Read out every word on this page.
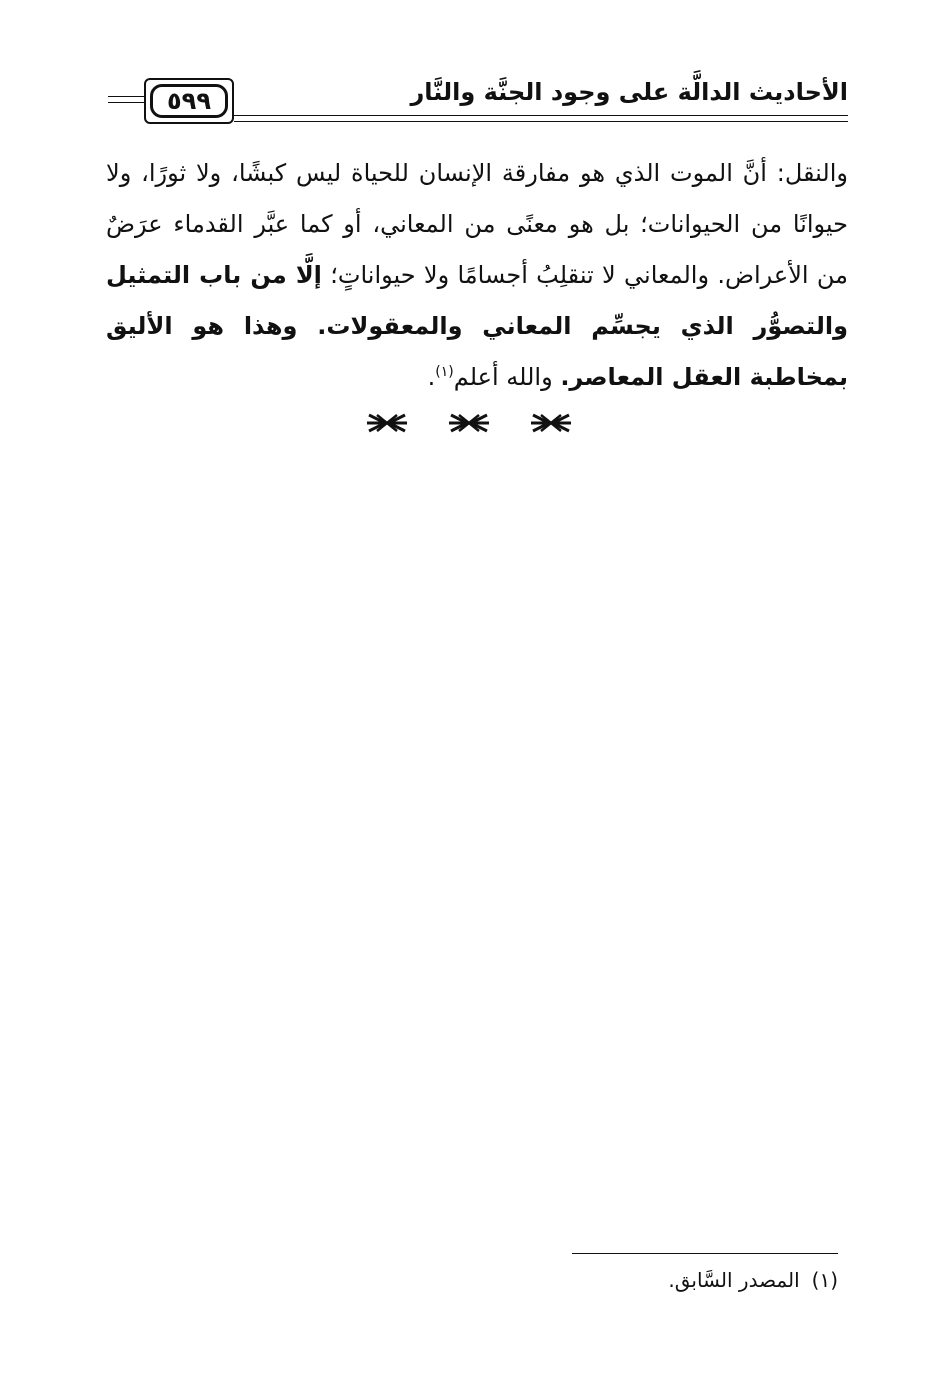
الأحاديث الدالَّة على وجود الجنَّة والنَّار
٥٩٩
والنقل: أنَّ الموت الذي هو مفارقة الإنسان للحياة ليس كبشًا، ولا ثورًا، ولا حيوانًا من الحيوانات؛ بل هو معنًى من المعاني، أو كما عبَّر القدماء عرَضٌ من الأعراض. والمعاني لا تنقلِبُ أجسامًا ولا حيواناتٍ؛ إلَّا من باب التمثيل والتصوُّر الذي يجسِّم المعاني والمعقولات. وهذا هو الأليق بمخاطبة العقل المعاصر. والله أعلم$^{(١)}$.
(١)المصدر السَّابق.
